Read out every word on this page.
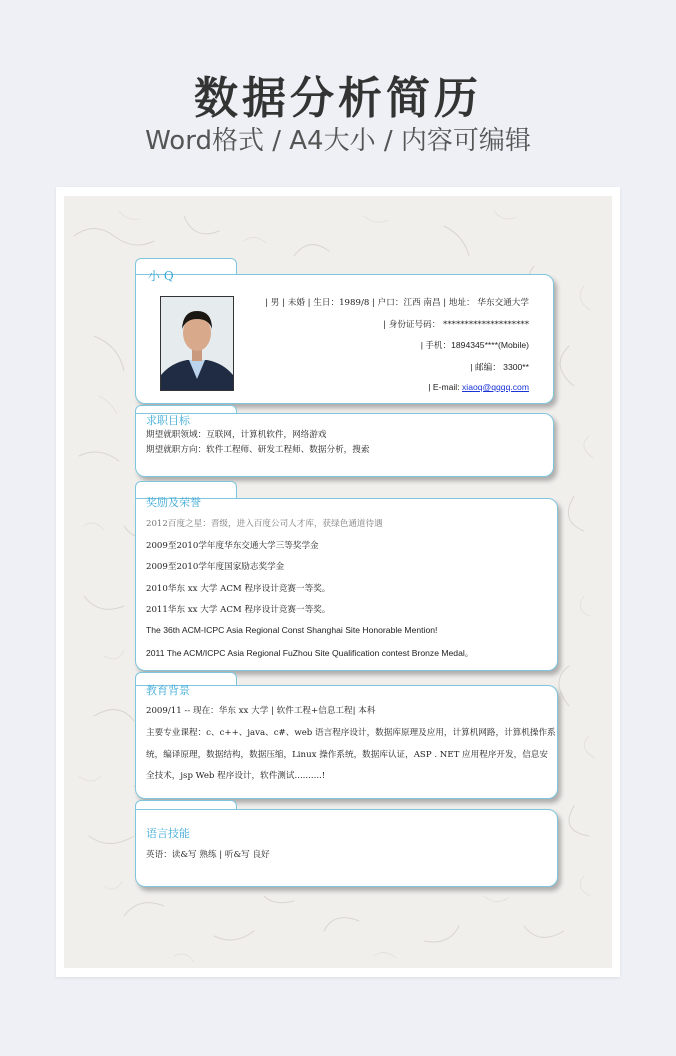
数据分析简历
Word格式 / A4大小 / 内容可编辑
小 Q
| 男 | 未婚 | 生日：1989/8 | 户口：江西 南昌 | 地址： 华东交通大学
| 身份证号码： ********************
| 手机：1894345****(Mobile)
| 邮编： 3300**
| E-mail: xiaoq@qqqq.com
求职目标
期望就职领域：互联网，计算机软件，网络游戏
期望就职方向：软件工程师、研发工程师、数据分析，搜索
奖励及荣誉
2012百度之星：晋级，进入百度公司人才库，获绿色通道待遇
2009至2010学年度华东交通大学三等奖学金
2009至2010学年度国家励志奖学金
2010华东 xx 大学 ACM 程序设计竞赛一等奖。
2011华东 xx 大学 ACM 程序设计竞赛一等奖。
The 36th ACM-ICPC Asia Regional Const Shanghai Site Honorable Mention!
2011 The ACM/ICPC Asia Regional FuZhou Site Qualification contest Bronze Medal。
教育背景
2009/11 -- 现在：华东 xx 大学 | 软件工程+信息工程| 本科
主要专业课程：c、c++、java、c#、web 语言程序设计，数据库原理及应用，计算机网路，计算机操作系
统，编译原理，数据结构，数据压缩，Linux 操作系统，数据库认证，ASP . NET 应用程序开发，信息安
全技术，jsp Web 程序设计，软件测试..........!
语言技能
英语：读&写 熟练 | 听&写 良好
